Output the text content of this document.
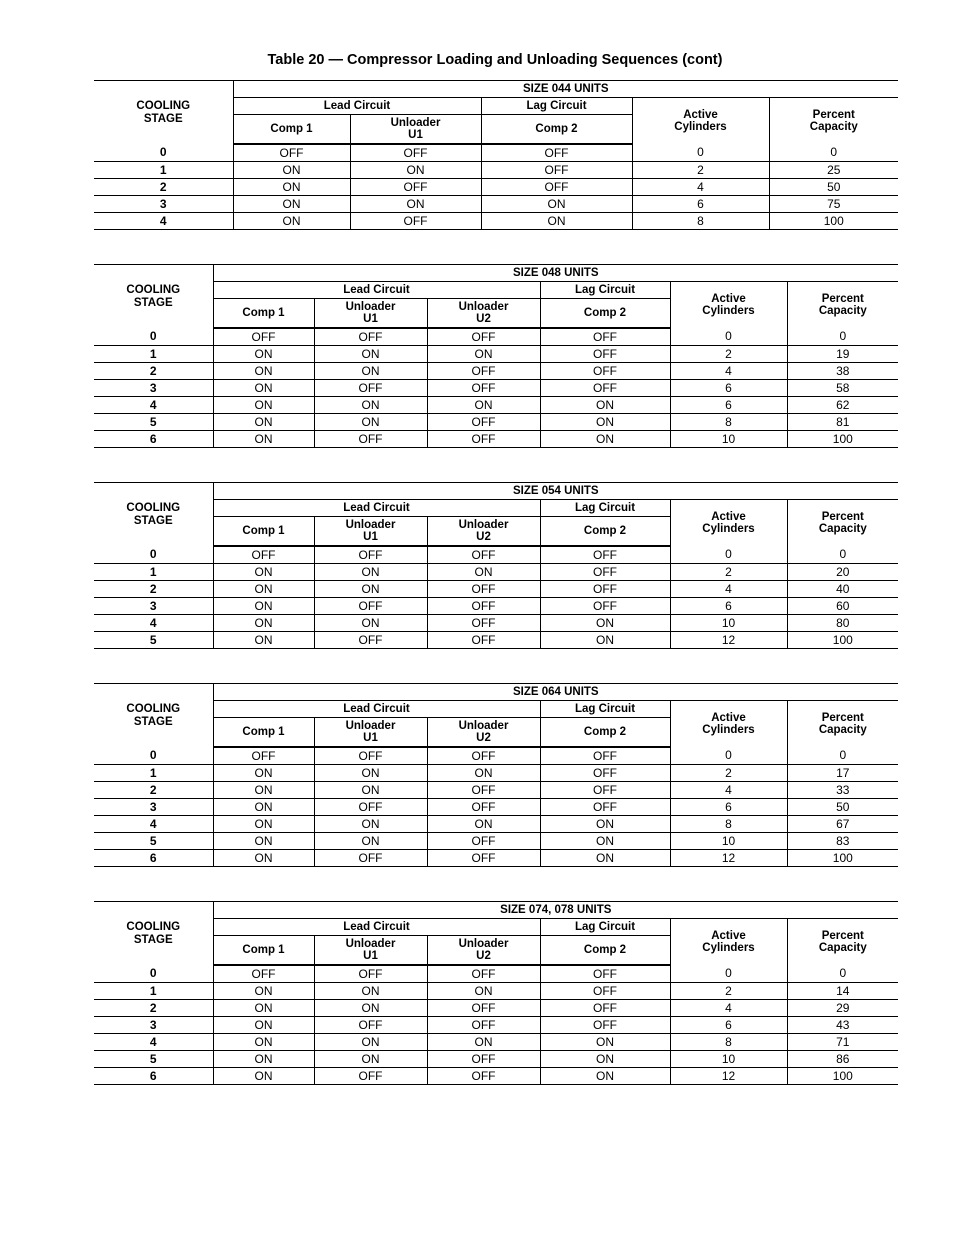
Table 20 — Compressor Loading and Unloading Sequences (cont)
COOLING
STAGE	SIZE 044 UNITS				
	Lead Circuit		Lag Circuit	Active
Cylinders	Percent
Capacity
	Comp 1	Unloader
U1	Comp 2		
0	OFF	OFF	OFF	0	0
1	ON	ON	OFF	2	25
2	ON	OFF	OFF	4	50
3	ON	ON	ON	6	75
4	ON	OFF	ON	8	100
COOLING
STAGE	SIZE 048 UNITS					
	Lead Circuit			Lag Circuit	Active
Cylinders	Percent
Capacity
	Comp 1	Unloader
U1	Unloader
U2	Comp 2		
0	OFF	OFF	OFF	OFF	0	0
1	ON	ON	ON	OFF	2	19
2	ON	ON	OFF	OFF	4	38
3	ON	OFF	OFF	OFF	6	58
4	ON	ON	ON	ON	6	62
5	ON	ON	OFF	ON	8	81
6	ON	OFF	OFF	ON	10	100
COOLING
STAGE	SIZE 054 UNITS					
	Lead Circuit			Lag Circuit	Active
Cylinders	Percent
Capacity
	Comp 1	Unloader
U1	Unloader
U2	Comp 2		
0	OFF	OFF	OFF	OFF	0	0
1	ON	ON	ON	OFF	2	20
2	ON	ON	OFF	OFF	4	40
3	ON	OFF	OFF	OFF	6	60
4	ON	ON	OFF	ON	10	80
5	ON	OFF	OFF	ON	12	100
COOLING
STAGE	SIZE 064 UNITS					
	Lead Circuit			Lag Circuit	Active
Cylinders	Percent
Capacity
	Comp 1	Unloader
U1	Unloader
U2	Comp 2		
0	OFF	OFF	OFF	OFF	0	0
1	ON	ON	ON	OFF	2	17
2	ON	ON	OFF	OFF	4	33
3	ON	OFF	OFF	OFF	6	50
4	ON	ON	ON	ON	8	67
5	ON	ON	OFF	ON	10	83
6	ON	OFF	OFF	ON	12	100
COOLING
STAGE	SIZE 074, 078 UNITS					
	Lead Circuit			Lag Circuit	Active
Cylinders	Percent
Capacity
	Comp 1	Unloader
U1	Unloader
U2	Comp 2		
0	OFF	OFF	OFF	OFF	0	0
1	ON	ON	ON	OFF	2	14
2	ON	ON	OFF	OFF	4	29
3	ON	OFF	OFF	OFF	6	43
4	ON	ON	ON	ON	8	71
5	ON	ON	OFF	ON	10	86
6	ON	OFF	OFF	ON	12	100
